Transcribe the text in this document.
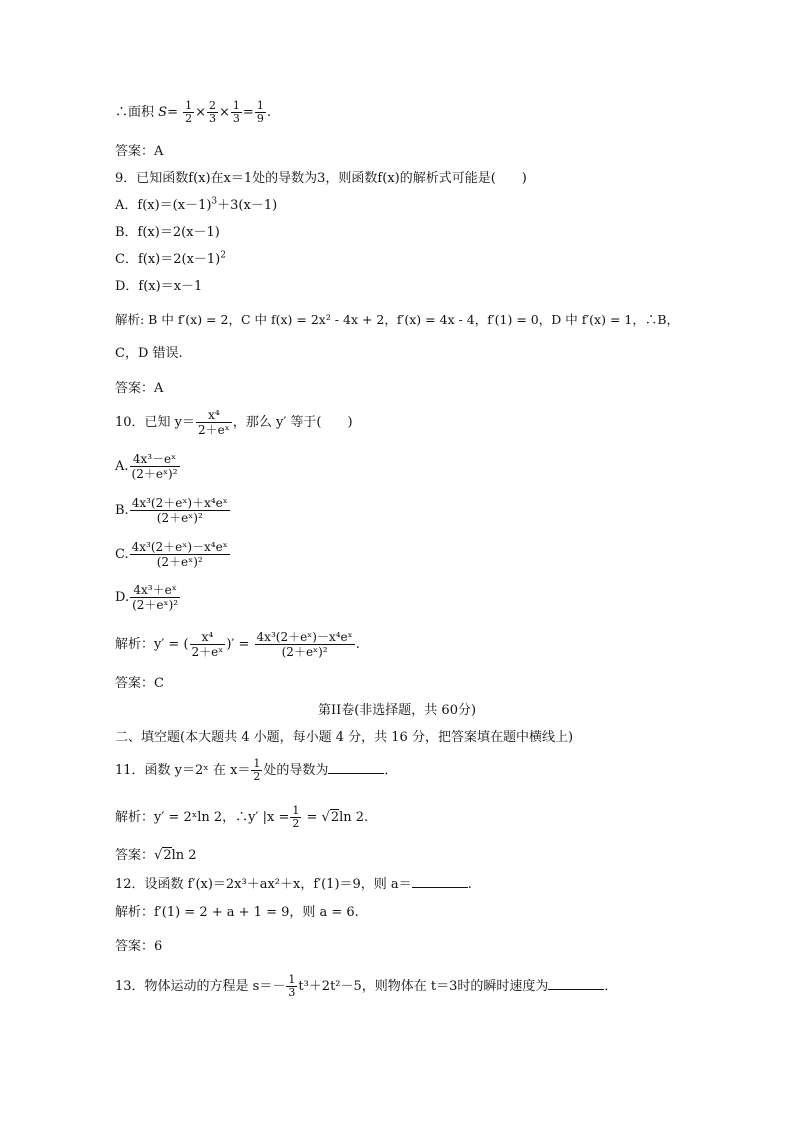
∴面积 $S= \frac{1}{2} \times \frac{2}{3} \times \frac{1}{3} = \frac{1}{9}$ .
答案：A
9．已知函数f(x)在x＝1处的导数为3，则函数f(x)的解析式可能是(　　)
A．$f(x)=(x-1)^3+3(x-1)$
B．f(x)＝2(x－1)
C．$f(x)=2(x-1)^2$
D．f(x)＝x－1
解析: B 中 f′(x) = 2，C 中 f(x) = 2x² - 4x + 2，f′(x) = 4x - 4，f′(1) = 0，D 中 f′(x) = 1，∴B，
C，D 错误.
答案：A
10．已知 $y= \frac{\text{x⁴}}{\text{2＋eˣ}}$ ，那么 y′ 等于(　　)
A. $\frac{\text{4x³－eˣ}}{\text{(2＋eˣ)²}}$
B. $\frac{\text{4x³(2＋eˣ)＋x⁴eˣ}}{\text{(2＋eˣ)²}}$
C. $\frac{\text{4x³(2＋eˣ)－x⁴eˣ}}{\text{(2＋eˣ)²}}$
D. $\frac{\text{4x³＋eˣ}}{\text{(2＋eˣ)²}}$
解析：y′ = ( $\frac{\text{x⁴}}{\text{2＋eˣ}}$ )′ = $\frac{\text{4x³(2＋eˣ)－x⁴eˣ}}{\text{(2＋eˣ)²}}$ .
答案：C
第II卷(非选择题，共 60分)
二、填空题(本大题共 4 小题，每小题 4 分，共 16 分，把答案填在题中横线上)
11．函数 y＝2ˣ 在 $x= \frac{1}{2}$ 处的导数为	．
解析：y′ = 2ˣln 2，∴y′ $|x = \frac{1}{2} = √2\ln$ 2.
答案：√2ln 2
12．设函数 f′(x)＝2x³＋ax²＋x，f′(1)＝9，则 a＝	.
解析：f′(1) = 2 + a + 1 = 9，则 a = 6.
答案：6
13．物体运动的方程是 $s=- \frac{1}{3} t^3+2t^2-5$，则物体在 t＝3时的瞬时速度为	．
